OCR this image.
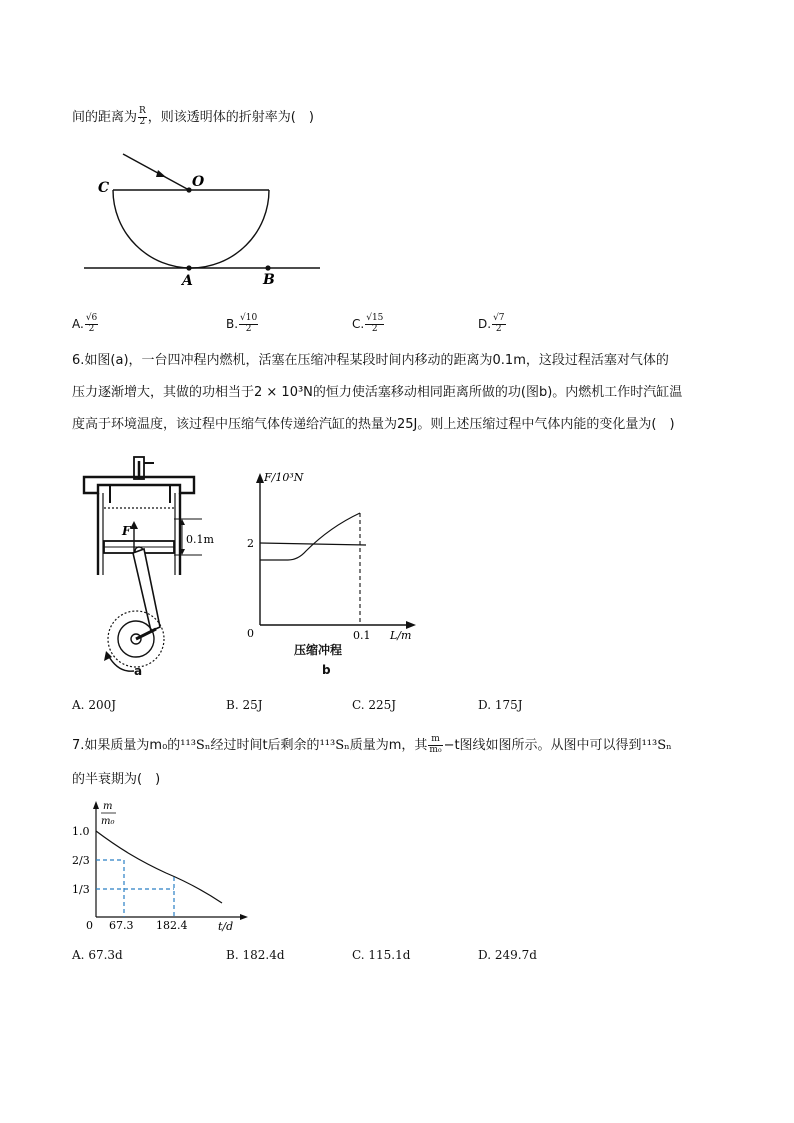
间的距离为 $\frac{R}{2}$ ，则该透明体的折射率为(　)
C	O
A	B
A. $\frac{√6}{2}$	B. $\frac{√10}{2}$	C. $\frac{√15}{2}$	D. $\frac{√7}{2}$
6.如图(a)，一台四冲程内燃机，活塞在压缩冲程某段时间内移动的距离为0.1m，这段过程活塞对气体的
压力逐渐增大，其做的功相当于2 × 10³N的恒力使活塞移动相同距离所做的功(图b)。内燃机工作时汽缸温
度高于环境温度，该过程中压缩气体传递给汽缸的热量为25J。则上述压缩过程中气体内能的变化量为(　)
0.1m
F
a
F/10³N
2
0	0.1 L/m
压缩冲程
b
A. 200J	B. 25J	C. 225J	D. 175J
7.如果质量为m₀的¹¹³Sₙ经过时间t后剩余的¹¹³Sₙ质量为m，其 $\frac{m}{\text{m₀}} -t$图线如图所示。从图中可以得到¹¹³Sₙ
的半衰期为(　)
1.0
2/3
1/3
0 67.3 182.4	t/d
m
m₀
A. 67.3d	B. 182.4d	C. 115.1d	D. 249.7d
